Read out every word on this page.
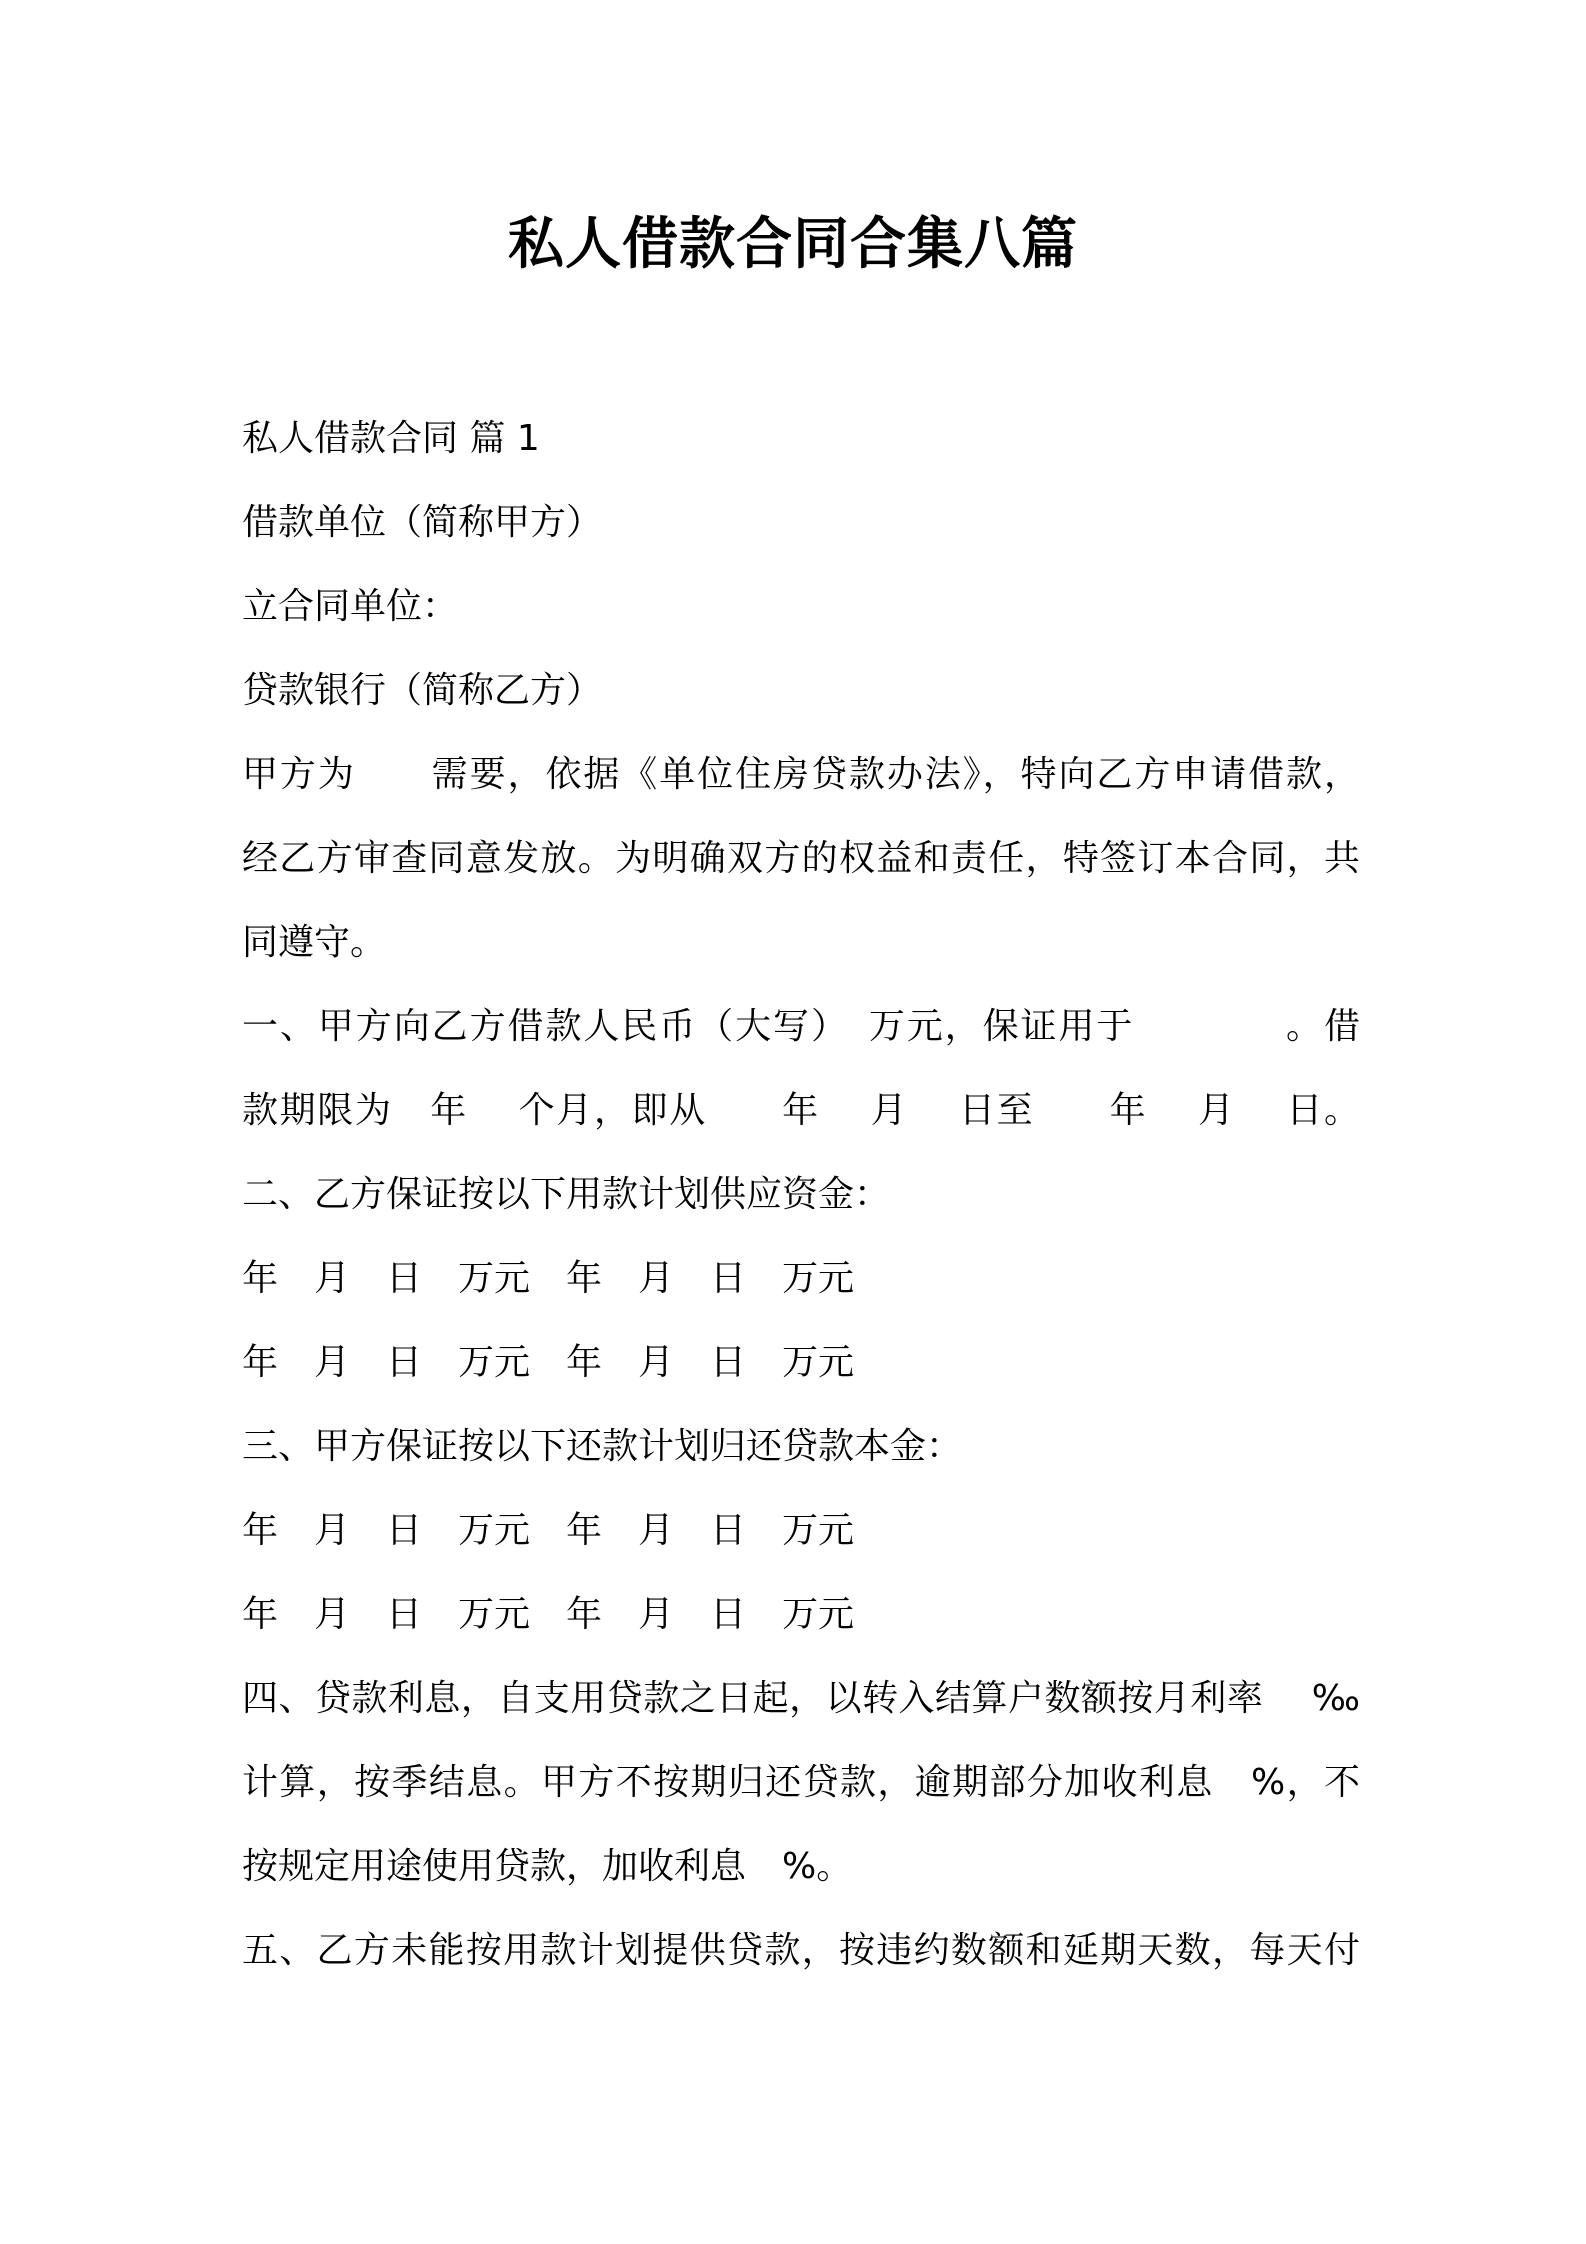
私人借款合同合集八篇
私人借款合同 篇 1
借款单位（简称甲方）
立合同单位：
贷款银行（简称乙方）
甲方为　　需要，依据《单位住房贷款办法》，特向乙方申请借款，
经乙方审查同意发放。为明确双方的权益和责任，特签订本合同，共
同遵守。
一、甲方向乙方借款人民币（大写）　万元，保证用于　　　　。借
款期限为　年　 个月，即从　　年　 月　 日至　　年　 月　 日。
二、乙方保证按以下用款计划供应资金：
年　月　日　万元　年　月　日　万元
年　月　日　万元　年　月　日　万元
三、甲方保证按以下还款计划归还贷款本金：
年　月　日　万元　年　月　日　万元
年　月　日　万元　年　月　日　万元
四、贷款利息，自支用贷款之日起，以转入结算户数额按月利率　 ‰
计算，按季结息。甲方不按期归还贷款，逾期部分加收利息　%，不
按规定用途使用贷款，加收利息　%。
五、乙方未能按用款计划提供贷款，按违约数额和延期天数，每天付
